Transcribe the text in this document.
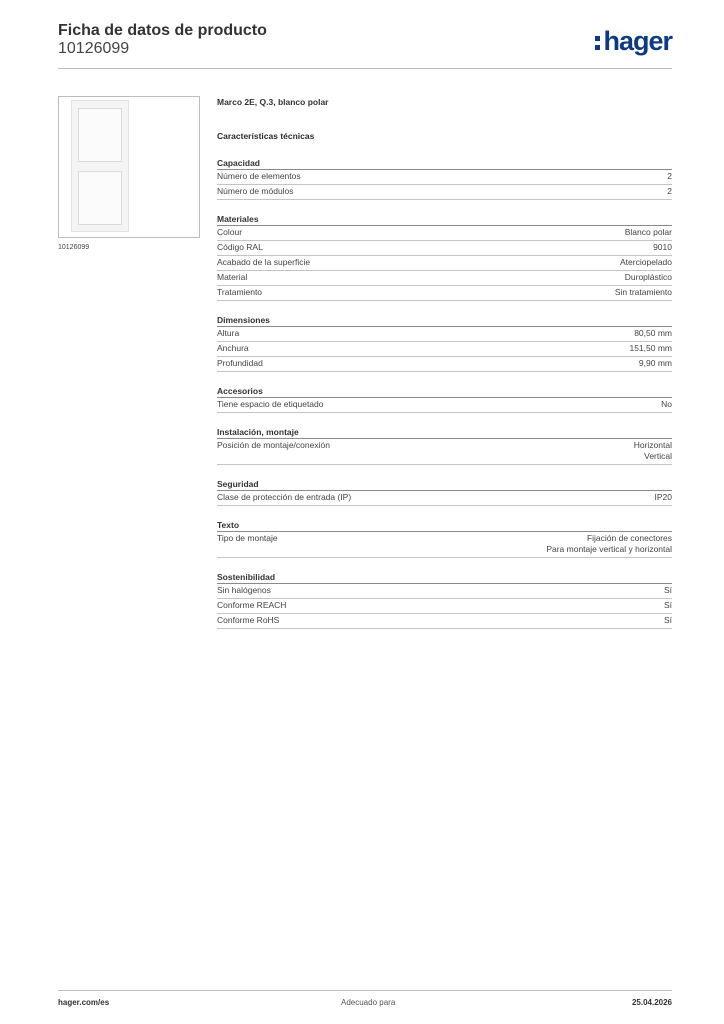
Ficha de datos de producto
10126099	hager
10126099
Marco 2E, Q.3, blanco polar
Características técnicas
Capacidad
Número de elementos	2
Número de módulos	2
Materiales
Colour	Blanco polar
Código RAL	9010
Acabado de la superficie	Aterciopelado
Material	Duroplástico
Tratamiento	Sin tratamiento
Dimensiones
Altura	80,50 mm
Anchura	151,50 mm
Profundidad	9,90 mm
Accesorios
Tiene espacio de etiquetado	No
Instalación, montaje
Posición de montaje/conexión	Horizontal
Vertical
Seguridad
Clase de protección de entrada (IP)	IP20
Texto
Tipo de montaje	Fijación de conectores
Para montaje vertical y horizontal
Sostenibilidad
Sin halógenos	Sí
Conforme REACH	Sí
Conforme RoHS	Sí
hager.com/es	Adecuado para	25.04.2026
